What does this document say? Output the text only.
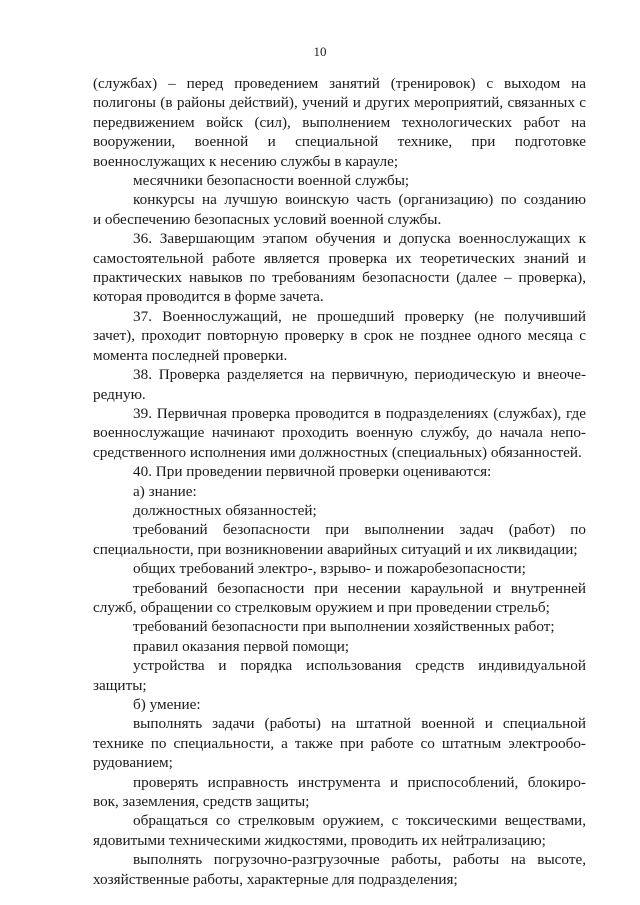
10
(службах) – перед проведением занятий (тренировок) с выходом на
полигоны (в районы действий), учений и других мероприятий, связанных с
передвижением войск (сил), выполнением технологических работ на
вооружении, военной и специальной технике, при подготовке
военнослужащих к несению службы в карауле;
месячники безопасности военной службы;
конкурсы на лучшую воинскую часть (организацию) по созданию
и обеспечению безопасных условий военной службы.
36. Завершающим этапом обучения и допуска военнослужащих к
самостоятельной работе является проверка их теоретических знаний и
практических навыков по требованиям безопасности (далее – проверка),
которая проводится в форме зачета.
37. Военнослужащий, не прошедший проверку (не получивший
зачет), проходит повторную проверку в срок не позднее одного месяца с
момента последней проверки.
38. Проверка разделяется на первичную, периодическую и внеоче-
редную.
39. Первичная проверка проводится в подразделениях (службах), где
военнослужащие начинают проходить военную службу, до начала непо-
средственного исполнения ими должностных (специальных) обязанностей.
40. При проведении первичной проверки оцениваются:
а) знание:
должностных обязанностей;
требований безопасности при выполнении задач (работ) по
специальности, при возникновении аварийных ситуаций и их ликвидации;
общих требований электро-, взрыво- и пожаробезопасности;
требований безопасности при несении караульной и внутренней
служб, обращении со стрелковым оружием и при проведении стрельб;
требований безопасности при выполнении хозяйственных работ;
правил оказания первой помощи;
устройства и порядка использования средств индивидуальной
защиты;
б) умение:
выполнять задачи (работы) на штатной военной и специальной
технике по специальности, а также при работе со штатным электрообо-
рудованием;
проверять исправность инструмента и приспособлений, блокиро-
вок, заземления, средств защиты;
обращаться со стрелковым оружием, с токсическими веществами,
ядовитыми техническими жидкостями, проводить их нейтрализацию;
выполнять погрузочно-разгрузочные работы, работы на высоте,
хозяйственные работы, характерные для подразделения;
